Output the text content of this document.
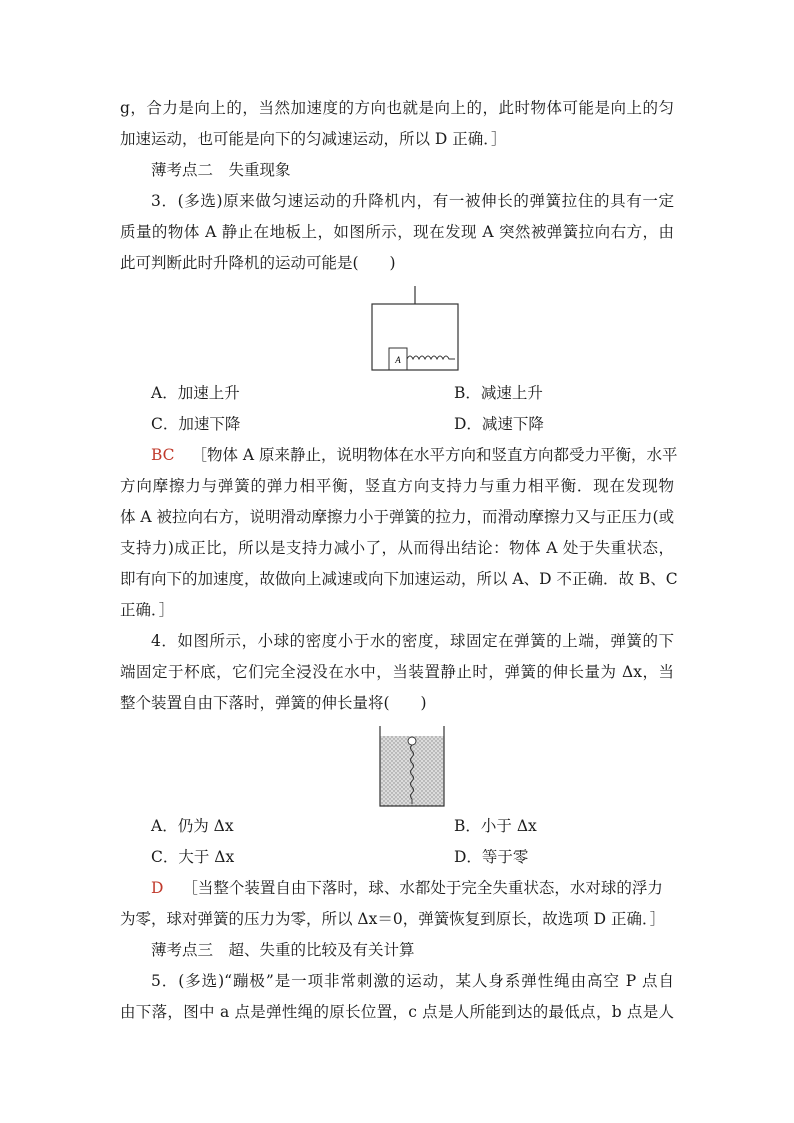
g，合力是向上的，当然加速度的方向也就是向上的，此时物体可能是向上的匀
加速运动，也可能是向下的匀减速运动，所以 D 正确．］
薄考点二　失重现象
3．(多选)原来做匀速运动的升降机内，有一被伸长的弹簧拉住的具有一定
质量的物体 A 静止在地板上，如图所示，现在发现 A 突然被弹簧拉向右方，由
此可判断此时升降机的运动可能是(　　)
A
A．加速上升	B．减速上升
C．加速下降	D．减速下降
BC ［物体 A 原来静止，说明物体在水平方向和竖直方向都受力平衡，水平
方向摩擦力与弹簧的弹力相平衡，竖直方向支持力与重力相平衡．现在发现物
体 A 被拉向右方，说明滑动摩擦力小于弹簧的拉力，而滑动摩擦力又与正压力(或
支持力)成正比，所以是支持力减小了，从而得出结论：物体 A 处于失重状态，
即有向下的加速度，故做向上减速或向下加速运动，所以 A、D 不正确．故 B、C
正确．］
4．如图所示，小球的密度小于水的密度，球固定在弹簧的上端，弹簧的下
端固定于杯底，它们完全浸没在水中，当装置静止时，弹簧的伸长量为 Δx，当
整个装置自由下落时，弹簧的伸长量将(　　)
A．仍为 Δx	B．小于 Δx
C．大于 Δx	D．等于零
D ［当整个装置自由下落时，球、水都处于完全失重状态，水对球的浮力
为零，球对弹簧的压力为零，所以 Δx＝0，弹簧恢复到原长，故选项 D 正确．］
薄考点三　超、失重的比较及有关计算
5．(多选)“蹦极”是一项非常刺激的运动，某人身系弹性绳由高空 P 点自
由下落，图中 a 点是弹性绳的原长位置，c 点是人所能到达的最低点，b 点是人
